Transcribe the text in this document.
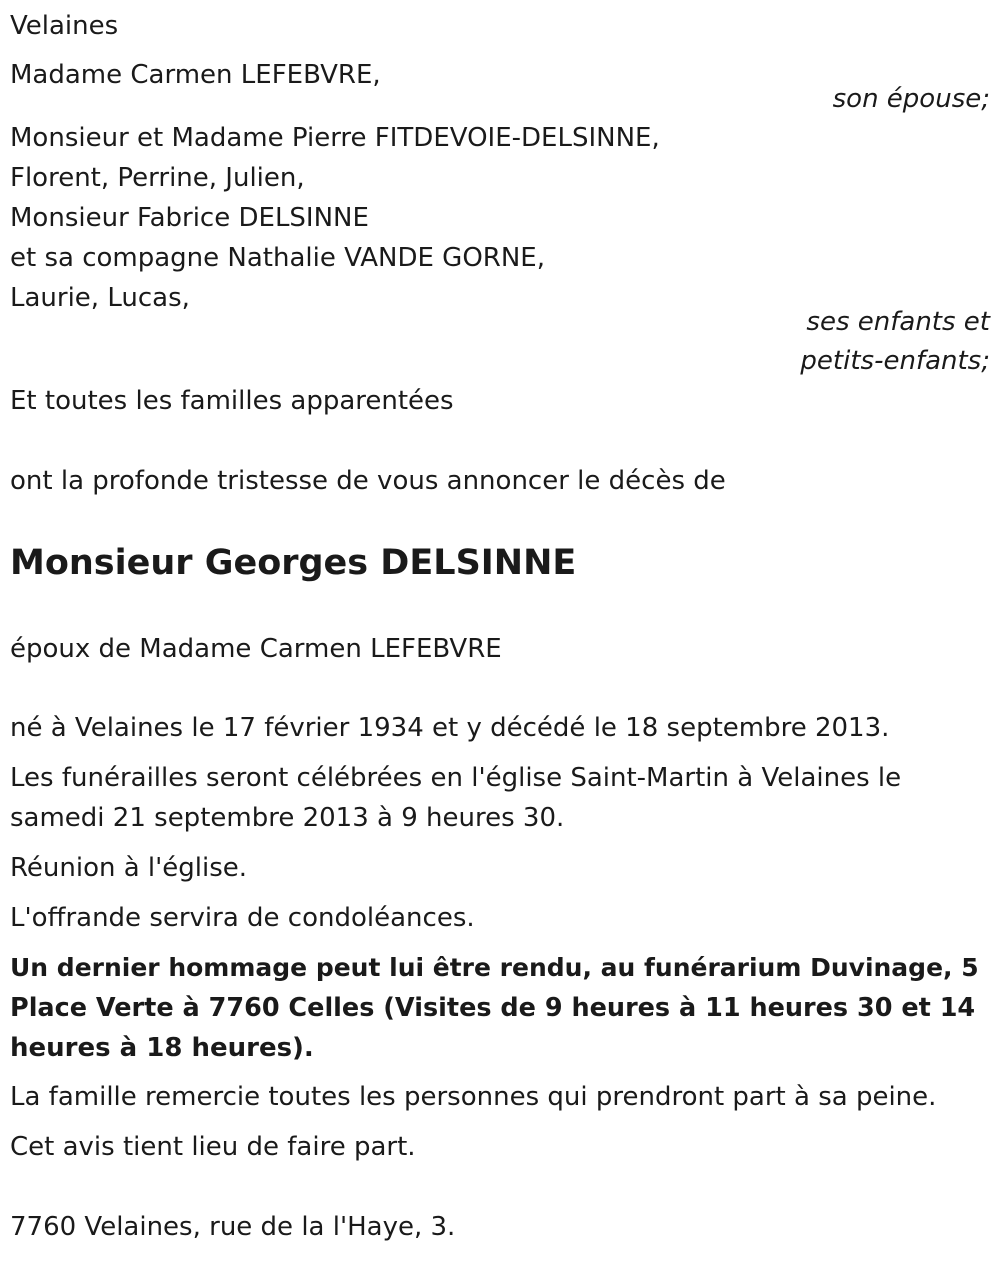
Velaines

Madame Carmen LEFEBVRE,

son épouse;

Monsieur et Madame Pierre FITDEVOIE-DELSINNE,

Florent, Perrine, Julien,

Monsieur Fabrice DELSINNE

et sa compagne Nathalie VANDE GORNE,

Laurie, Lucas,

ses enfants et

petits-enfants;

Et toutes les familles apparentées

ont la profonde tristesse de vous annoncer le décès de

Monsieur Georges DELSINNE

époux de Madame Carmen LEFEBVRE

né à Velaines le 17 février 1934 et y décédé le 18 septembre 2013.

Les funérailles seront célébrées en l'église Saint-Martin à Velaines le

samedi 21 septembre 2013 à 9 heures 30.

Réunion à l'église.

L'offrande servira de condoléances.

Un dernier hommage peut lui être rendu, au funérarium Duvinage, 5

Place Verte à 7760 Celles (Visites de 9 heures à 11 heures 30 et 14

heures à 18 heures).

La famille remercie toutes les personnes qui prendront part à sa peine.

Cet avis tient lieu de faire part.

7760 Velaines, rue de la l'Haye, 3.
